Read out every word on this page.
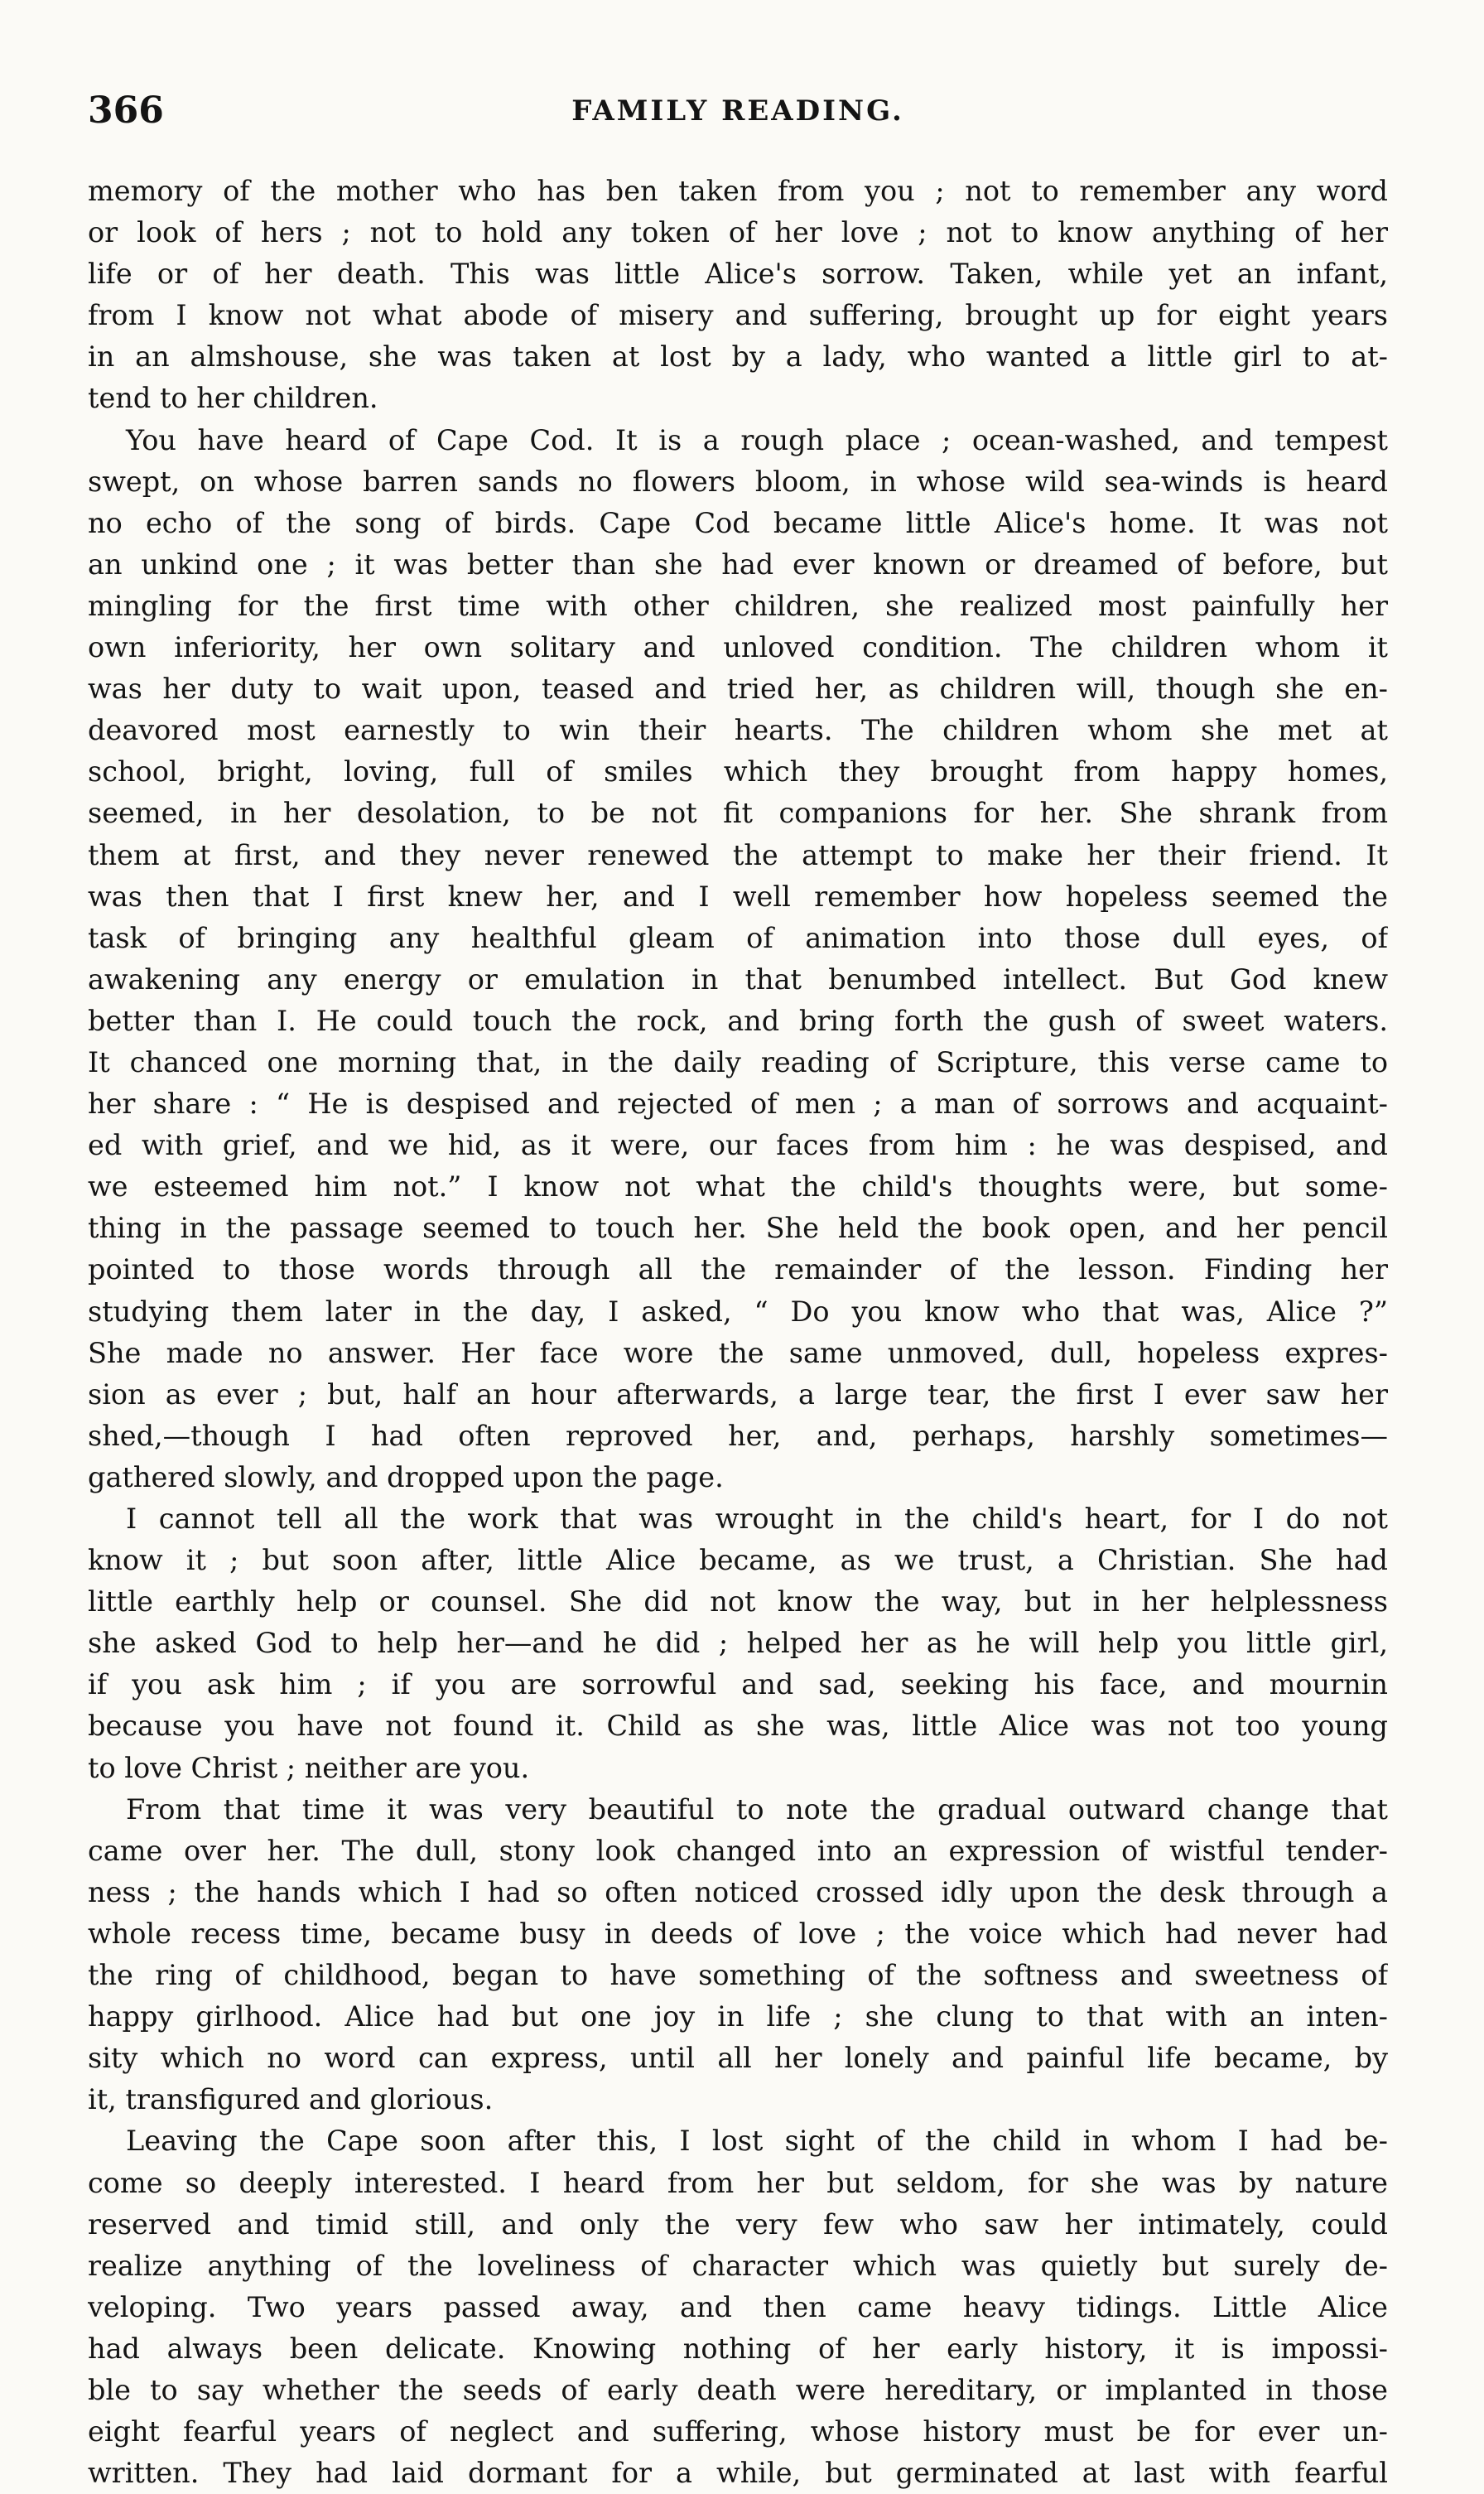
366	FAMILY READING.
memory of the mother who has ben taken from you ; not to remember any word
or look of hers ; not to hold any token of her love ; not to know anything of her
life or of her death. This was little Alice's sorrow. Taken, while yet an infant,
from I know not what abode of misery and suffering, brought up for eight years
in an almshouse, she was taken at lost by a lady, who wanted a little girl to at-
tend to her children.
You have heard of Cape Cod. It is a rough place ; ocean-washed, and tempest
swept, on whose barren sands no flowers bloom, in whose wild sea-winds is heard
no echo of the song of birds. Cape Cod became little Alice's home. It was not
an unkind one ; it was better than she had ever known or dreamed of before, but
mingling for the first time with other children, she realized most painfully her
own inferiority, her own solitary and unloved condition. The children whom it
was her duty to wait upon, teased and tried her, as children will, though she en-
deavored most earnestly to win their hearts. The children whom she met at
school, bright, loving, full of smiles which they brought from happy homes,
seemed, in her desolation, to be not fit companions for her. She shrank from
them at first, and they never renewed the attempt to make her their friend. It
was then that I first knew her, and I well remember how hopeless seemed the
task of bringing any healthful gleam of animation into those dull eyes, of
awakening any energy or emulation in that benumbed intellect. But God knew
better than I. He could touch the rock, and bring forth the gush of sweet waters.
It chanced one morning that, in the daily reading of Scripture, this verse came to
her share : “ He is despised and rejected of men ; a man of sorrows and acquaint-
ed with grief, and we hid, as it were, our faces from him : he was despised, and
we esteemed him not.” I know not what the child's thoughts were, but some-
thing in the passage seemed to touch her. She held the book open, and her pencil
pointed to those words through all the remainder of the lesson. Finding her
studying them later in the day, I asked, “ Do you know who that was, Alice ?”
She made no answer. Her face wore the same unmoved, dull, hopeless expres-
sion as ever ; but, half an hour afterwards, a large tear, the first I ever saw her
shed,—though I had often reproved her, and, perhaps, harshly sometimes—
gathered slowly, and dropped upon the page.
I cannot tell all the work that was wrought in the child's heart, for I do not
know it ; but soon after, little Alice became, as we trust, a Christian. She had
little earthly help or counsel. She did not know the way, but in her helplessness
she asked God to help her—and he did ; helped her as he will help you little girl,
if you ask him ; if you are sorrowful and sad, seeking his face, and mournin
because you have not found it. Child as she was, little Alice was not too young
to love Christ ; neither are you.
From that time it was very beautiful to note the gradual outward change that
came over her. The dull, stony look changed into an expression of wistful tender-
ness ; the hands which I had so often noticed crossed idly upon the desk through a
whole recess time, became busy in deeds of love ; the voice which had never had
the ring of childhood, began to have something of the softness and sweetness of
happy girlhood. Alice had but one joy in life ; she clung to that with an inten-
sity which no word can express, until all her lonely and painful life became, by
it, transfigured and glorious.
Leaving the Cape soon after this, I lost sight of the child in whom I had be-
come so deeply interested. I heard from her but seldom, for she was by nature
reserved and timid still, and only the very few who saw her intimately, could
realize anything of the loveliness of character which was quietly but surely de-
veloping. Two years passed away, and then came heavy tidings. Little Alice
had always been delicate. Knowing nothing of her early history, it is impossi-
ble to say whether the seeds of early death were hereditary, or implanted in those
eight fearful years of neglect and suffering, whose history must be for ever un-
written. They had laid dormant for a while, but germinated at last with fearful
